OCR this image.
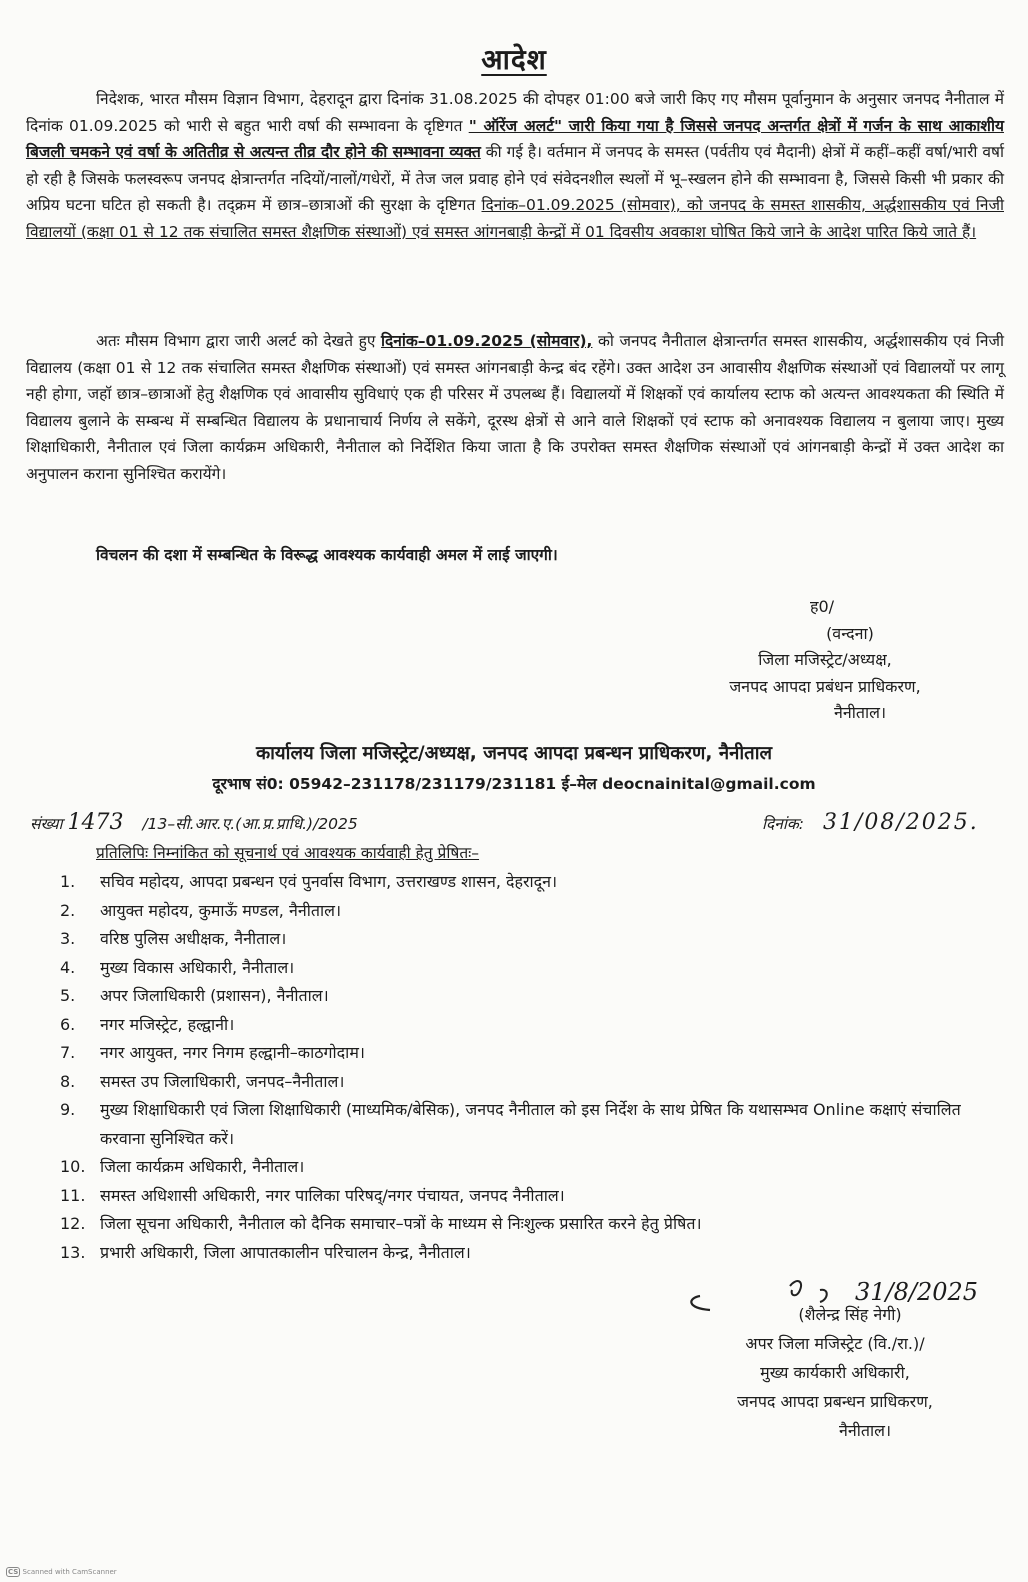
आदेश
निदेशक, भारत मौसम विज्ञान विभाग, देहरादून द्वारा दिनांक 31.08.2025 की दोपहर 01:00 बजे जारी किए गए मौसम पूर्वानुमान के अनुसार जनपद नैनीताल में दिनांक 01.09.2025 को भारी से बहुत भारी वर्षा की सम्भावना के दृष्टिगत " ऑरेंज अलर्ट" जारी किया गया है जिससे जनपद अन्तर्गत क्षेत्रों में गर्जन के साथ आकाशीय बिजली चमकने एवं वर्षा के अतितीव्र से अत्यन्त तीव्र दौर होने की सम्भावना व्यक्त की गई है। वर्तमान में जनपद के समस्त (पर्वतीय एवं मैदानी) क्षेत्रों में कहीं–कहीं वर्षा/भारी वर्षा हो रही है जिसके फलस्वरूप जनपद क्षेत्रान्तर्गत नदियों/नालों/गधेरों, में तेज जल प्रवाह होने एवं संवेदनशील स्थलों में भू–स्खलन होने की सम्भावना है, जिससे किसी भी प्रकार की अप्रिय घटना घटित हो सकती है। तद्क्रम में छात्र–छात्राओं की सुरक्षा के दृष्टिगत दिनांक–01.09.2025 (सोमवार), को जनपद के समस्त शासकीय, अर्द्धशासकीय एवं निजी विद्यालयों (कक्षा 01 से 12 तक संचालित समस्त शैक्षणिक संस्थाओं) एवं समस्त आंगनबाड़ी केन्द्रों में 01 दिवसीय अवकाश घोषित किये जाने के आदेश पारित किये जाते हैं।
अतः मौसम विभाग द्वारा जारी अलर्ट को देखते हुए दिनांक–01.09.2025 (सोमवार), को जनपद नैनीताल क्षेत्रान्तर्गत समस्त शासकीय, अर्द्धशासकीय एवं निजी विद्यालय (कक्षा 01 से 12 तक संचालित समस्त शैक्षणिक संस्थाओं) एवं समस्त आंगनबाड़ी केन्द्र बंद रहेंगे। उक्त आदेश उन आवासीय शैक्षणिक संस्थाओं एवं विद्यालयों पर लागू नही होगा, जहॉ छात्र–छात्राओं हेतु शैक्षणिक एवं आवासीय सुविधाएं एक ही परिसर में उपलब्ध हैं। विद्यालयों में शिक्षकों एवं कार्यालय स्टाफ को अत्यन्त आवश्यकता की स्थिति में विद्यालय बुलाने के सम्बन्ध में सम्बन्धित विद्यालय के प्रधानाचार्य निर्णय ले सकेंगे, दूरस्थ क्षेत्रों से आने वाले शिक्षकों एवं स्टाफ को अनावश्यक विद्यालय न बुलाया जाए। मुख्य शिक्षाधिकारी, नैनीताल एवं जिला कार्यक्रम अधिकारी, नैनीताल को निर्देशित किया जाता है कि उपरोक्त समस्त शैक्षणिक संस्थाओं एवं आंगनबाड़ी केन्द्रों में उक्त आदेश का अनुपालन कराना सुनिश्चित करायेंगे।
विचलन की दशा में सम्बन्धित के विरूद्ध आवश्यक कार्यवाही अमल में लाई जाएगी।
ह0/
(वन्दना)
जिला मजिस्ट्रेट/अध्यक्ष,
जनपद आपदा प्रबंधन प्राधिकरण,
नैनीताल।
कार्यालय जिला मजिस्ट्रेट/अध्यक्ष, जनपद आपदा प्रबन्धन प्राधिकरण, नैनीताल
दूरभाष सं0: 05942–231178/231179/231181 ई–मेल deocnainital@gmail.com
संख्या 1473 /13–सी.आर.ए.(आ.प्र.प्राधि.)/2025	दिनांक: 31/08/2025.
प्रतिलिपिः निम्नांकित को सूचनार्थ एवं आवश्यक कार्यवाही हेतु प्रेषितः–
1.	सचिव महोदय, आपदा प्रबन्धन एवं पुनर्वास विभाग, उत्तराखण्ड शासन, देहरादून।
2.	आयुक्त महोदय, कुमाऊँ मण्डल, नैनीताल।
3.	वरिष्ठ पुलिस अधीक्षक, नैनीताल।
4.	मुख्य विकास अधिकारी, नैनीताल।
5.	अपर जिलाधिकारी (प्रशासन), नैनीताल।
6.	नगर मजिस्ट्रेट, हल्द्वानी।
7.	नगर आयुक्त, नगर निगम हल्द्वानी–काठगोदाम।
8.	समस्त उप जिलाधिकारी, जनपद–नैनीताल।
9.	मुख्य शिक्षाधिकारी एवं जिला शिक्षाधिकारी (माध्यमिक/बेसिक), जनपद नैनीताल को इस निर्देश के साथ प्रेषित कि यथासम्भव Online कक्षाएं संचालित करवाना सुनिश्चित करें।
10. जिला कार्यक्रम अधिकारी, नैनीताल।
11. समस्त अधिशासी अधिकारी, नगर पालिका परिषद्/नगर पंचायत, जनपद नैनीताल।
12. जिला सूचना अधिकारी, नैनीताल को दैनिक समाचार–पत्रों के माध्यम से निःशुल्क प्रसारित करने हेतु प्रेषित।
13. प्रभारी अधिकारी, जिला आपातकालीन परिचालन केन्द्र, नैनीताल।
31/8/2025
(शैलेन्द्र सिंह नेगी)
अपर जिला मजिस्ट्रेट (वि./रा.)/
मुख्य कार्यकारी अधिकारी,
जनपद आपदा प्रबन्धन प्राधिकरण,
नैनीताल।
CS Scanned with CamScanner
